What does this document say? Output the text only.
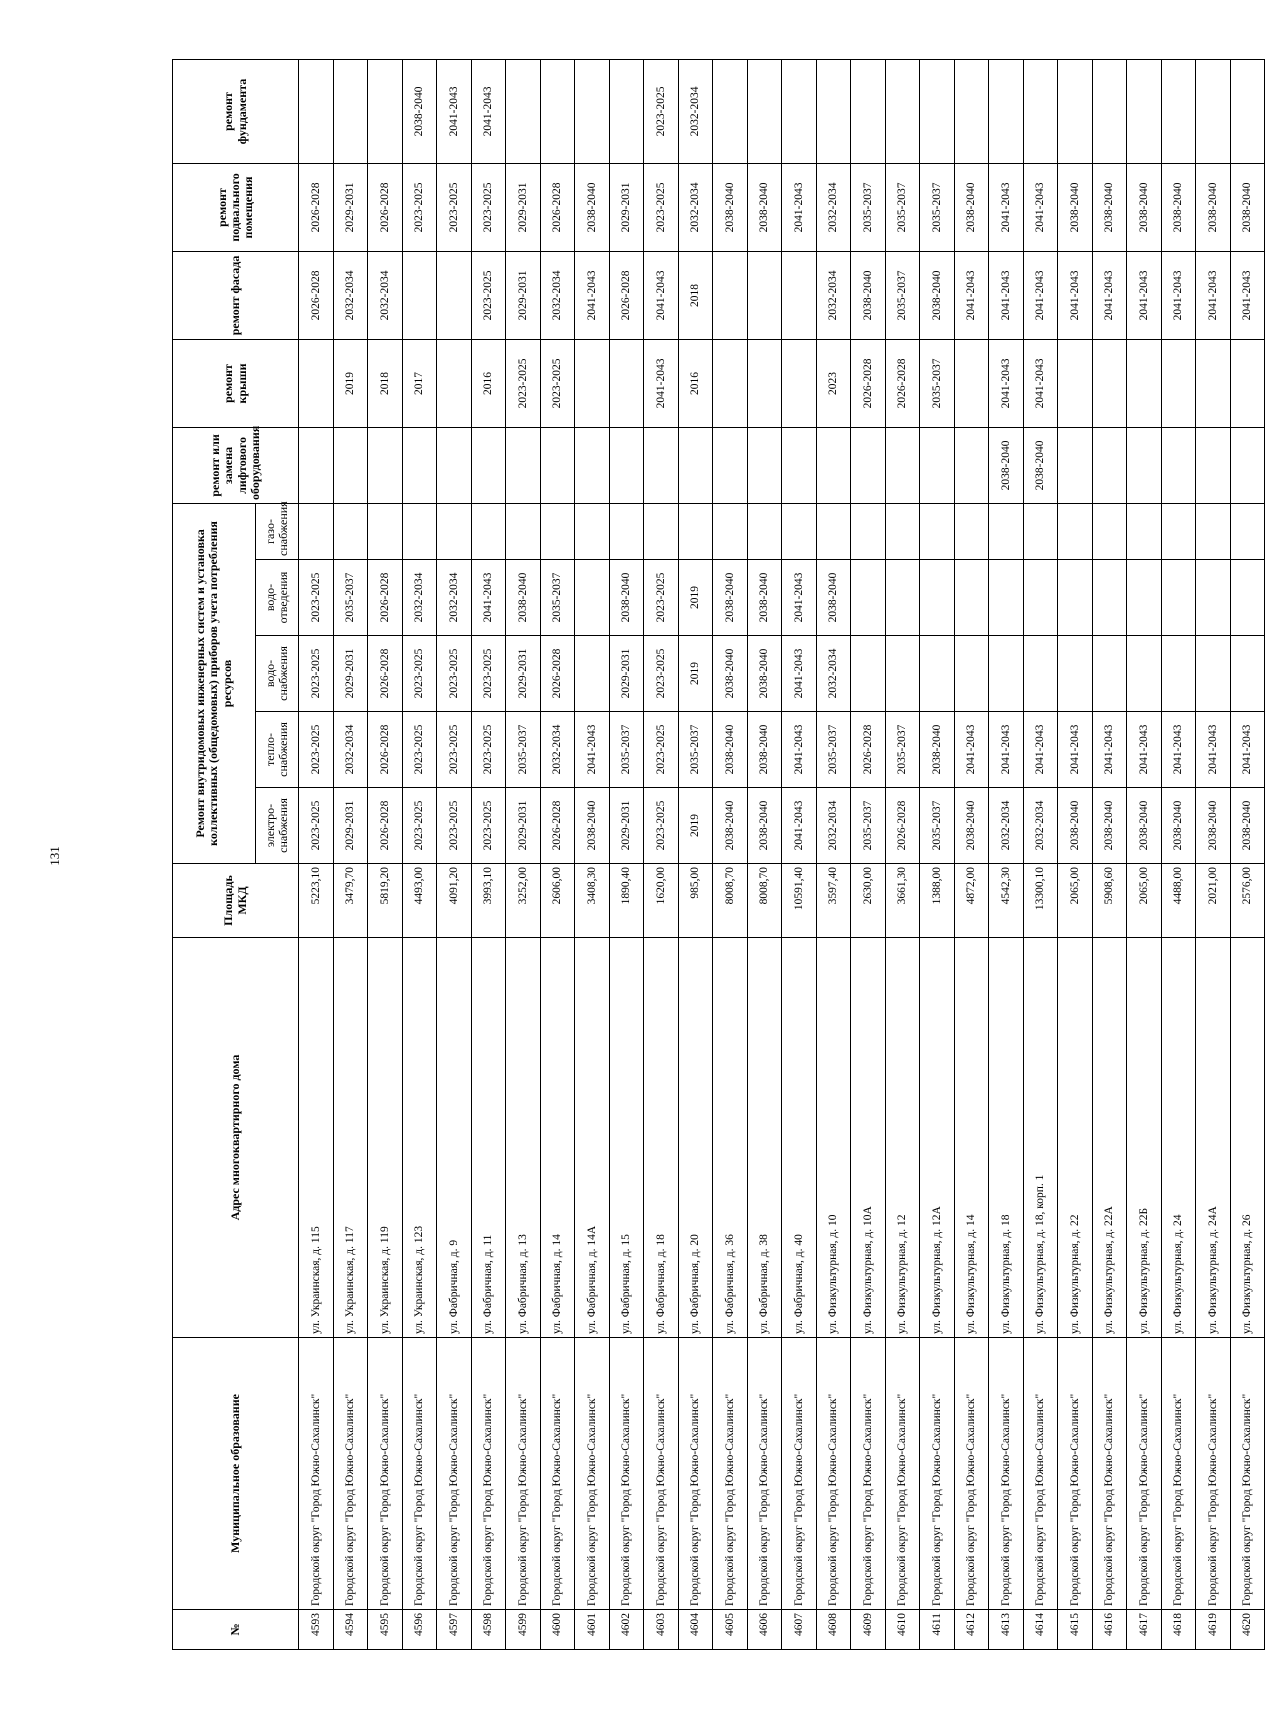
131
№	Муниципальное образование	Адрес многоквартирного дома	Площадь МКД	Ремонт внутридомовых инженерных систем и установка коллективных (общедомовых) приборов учета потребления ресурсов					ремонт или замена лифтового оборудования	ремонт крыши	ремонт фасада	ремонт подвального помещения	ремонт фундамента

				электро-снабжения	тепло-снабжения	водо-снабжения	водо-отведения	газо-снабжения					
4593	Городской округ "Город Южно-Сахалинск"	ул. Украинская, д. 115	5223,10	2023-2025	2023-2025	2023-2025	2023-2025				2026-2028	2026-2028	
4594	Городской округ "Город Южно-Сахалинск"	ул. Украинская, д. 117	3479,70	2029-2031	2032-2034	2029-2031	2035-2037			2019	2032-2034	2029-2031	
4595	Городской округ "Город Южно-Сахалинск"	ул. Украинская, д. 119	5819,20	2026-2028	2026-2028	2026-2028	2026-2028			2018	2032-2034	2026-2028	
4596	Городской округ "Город Южно-Сахалинск"	ул. Украинская, д. 123	4493,00	2023-2025	2023-2025	2023-2025	2032-2034			2017		2023-2025	2038-2040
4597	Городской округ "Город Южно-Сахалинск"	ул. Фабричная, д. 9	4091,20	2023-2025	2023-2025	2023-2025	2032-2034					2023-2025	2041-2043
4598	Городской округ "Город Южно-Сахалинск"	ул. Фабричная, д. 11	3993,10	2023-2025	2023-2025	2023-2025	2041-2043			2016	2023-2025	2023-2025	2041-2043
4599	Городской округ "Город Южно-Сахалинск"	ул. Фабричная, д. 13	3252,00	2029-2031	2035-2037	2029-2031	2038-2040			2023-2025	2029-2031	2029-2031	
4600	Городской округ "Город Южно-Сахалинск"	ул. Фабричная, д. 14	2606,00	2026-2028	2032-2034	2026-2028	2035-2037			2023-2025	2032-2034	2026-2028	
4601	Городской округ "Город Южно-Сахалинск"	ул. Фабричная, д. 14А	3408,30	2038-2040	2041-2043						2041-2043	2038-2040	
4602	Городской округ "Город Южно-Сахалинск"	ул. Фабричная, д. 15	1890,40	2029-2031	2035-2037	2029-2031	2038-2040				2026-2028	2029-2031	
4603	Городской округ "Город Южно-Сахалинск"	ул. Фабричная, д. 18	1620,00	2023-2025	2023-2025	2023-2025	2023-2025			2041-2043	2041-2043	2023-2025	2023-2025
4604	Городской округ "Город Южно-Сахалинск"	ул. Фабричная, д. 20	985,00	2019	2035-2037	2019	2019			2016	2018	2032-2034	2032-2034
4605	Городской округ "Город Южно-Сахалинск"	ул. Фабричная, д. 36	8008,70	2038-2040	2038-2040	2038-2040	2038-2040					2038-2040	
4606	Городской округ "Город Южно-Сахалинск"	ул. Фабричная, д. 38	8008,70	2038-2040	2038-2040	2038-2040	2038-2040					2038-2040	
4607	Городской округ "Город Южно-Сахалинск"	ул. Фабричная, д. 40	10591,40	2041-2043	2041-2043	2041-2043	2041-2043					2041-2043	
4608	Городской округ "Город Южно-Сахалинск"	ул. Физкультурная, д. 10	3597,40	2032-2034	2035-2037	2032-2034	2038-2040			2023	2032-2034	2032-2034	
4609	Городской округ "Город Южно-Сахалинск"	ул. Физкультурная, д. 10А	2630,00	2035-2037	2026-2028					2026-2028	2038-2040	2035-2037	
4610	Городской округ "Город Южно-Сахалинск"	ул. Физкультурная, д. 12	3661,30	2026-2028	2035-2037					2026-2028	2035-2037	2035-2037	
4611	Городской округ "Город Южно-Сахалинск"	ул. Физкультурная, д. 12А	1388,00	2035-2037	2038-2040					2035-2037	2038-2040	2035-2037	
4612	Городской округ "Город Южно-Сахалинск"	ул. Физкультурная, д. 14	4872,00	2038-2040	2041-2043						2041-2043	2038-2040	
4613	Городской округ "Город Южно-Сахалинск"	ул. Физкультурная, д. 18	4542,30	2032-2034	2041-2043				2038-2040	2041-2043	2041-2043	2041-2043	
4614	Городской округ "Город Южно-Сахалинск"	ул. Физкультурная, д. 18, корп. 1	13300,10	2032-2034	2041-2043				2038-2040	2041-2043	2041-2043	2041-2043	
4615	Городской округ "Город Южно-Сахалинск"	ул. Физкультурная, д. 22	2065,00	2038-2040	2041-2043						2041-2043	2038-2040	
4616	Городской округ "Город Южно-Сахалинск"	ул. Физкультурная, д. 22А	5908,60	2038-2040	2041-2043						2041-2043	2038-2040	
4617	Городской округ "Город Южно-Сахалинск"	ул. Физкультурная, д. 22Б	2065,00	2038-2040	2041-2043						2041-2043	2038-2040	
4618	Городской округ "Город Южно-Сахалинск"	ул. Физкультурная, д. 24	4488,00	2038-2040	2041-2043						2041-2043	2038-2040	
4619	Городской округ "Город Южно-Сахалинск"	ул. Физкультурная, д. 24А	2021,00	2038-2040	2041-2043						2041-2043	2038-2040	
4620	Городской округ "Город Южно-Сахалинск"	ул. Физкультурная, д. 26	2576,00	2038-2040	2041-2043						2041-2043	2038-2040	
